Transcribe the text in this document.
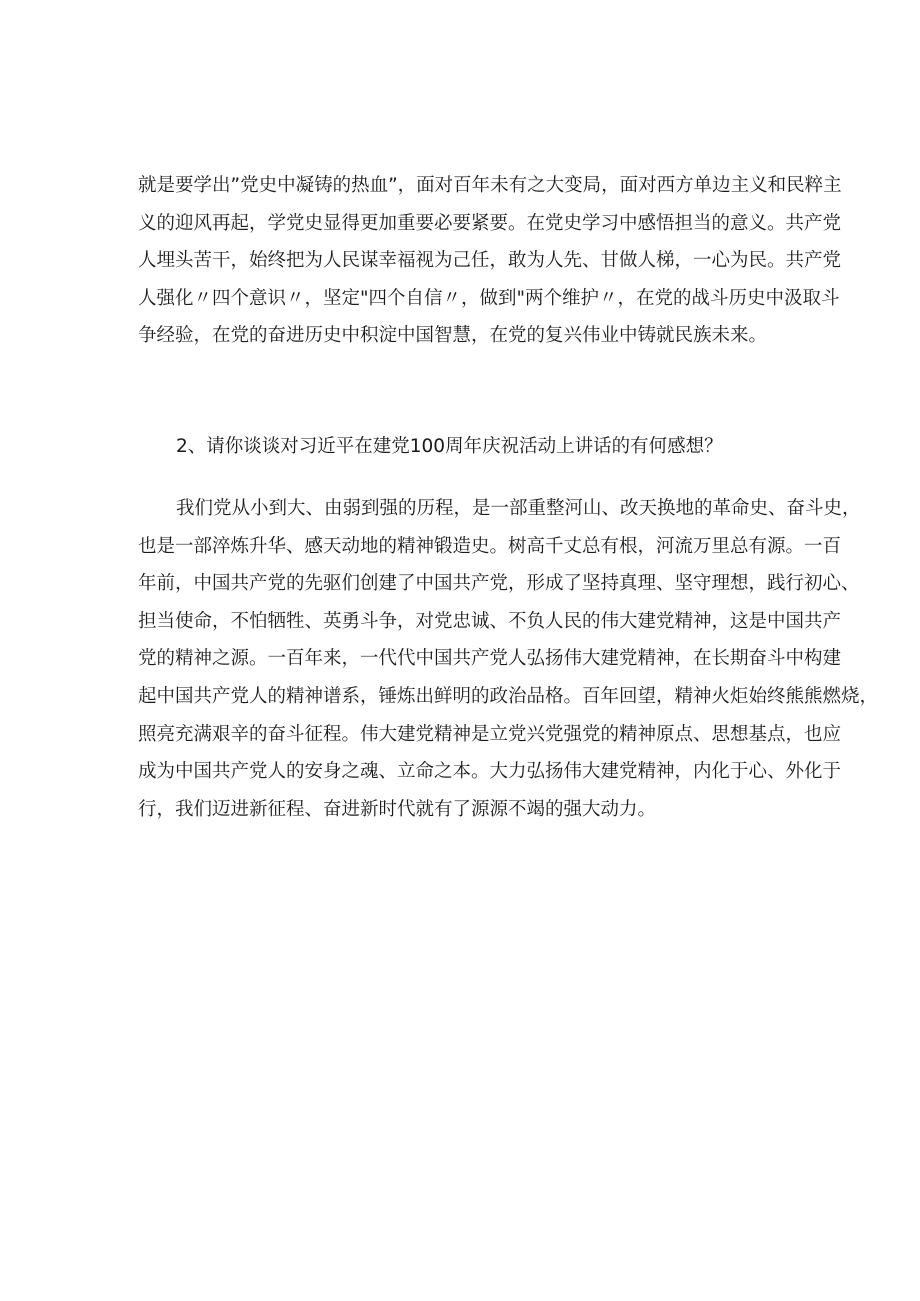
就是要学出”党史中凝铸的热血”，面对百年未有之大变局，面对西方单边主义和民粹主
义的迎风再起，学党史显得更加重要必要紧要。在党史学习中感悟担当的意义。共产党
人埋头苦干，始终把为人民谋幸福视为己任，敢为人先、甘做人梯，一心为民。共产党
人强化〃四个意识〃，坚定"四个自信〃，做到"两个维护〃，在党的战斗历史中汲取斗
争经验，在党的奋进历史中积淀中国智慧，在党的复兴伟业中铸就民族未来。
2、请你谈谈对习近平在建党100周年庆祝活动上讲话的有何感想？
我们党从小到大、由弱到强的历程，是一部重整河山、改天换地的革命史、奋斗史，
也是一部淬炼升华、感天动地的精神锻造史。树高千丈总有根，河流万里总有源。一百
年前，中国共产党的先驱们创建了中国共产党，形成了坚持真理、坚守理想，践行初心、
担当使命，不怕牺牲、英勇斗争，对党忠诚、不负人民的伟大建党精神，这是中国共产
党的精神之源。一百年来，一代代中国共产党人弘扬伟大建党精神，在长期奋斗中构建
起中国共产党人的精神谱系，锤炼出鲜明的政治品格。百年回望，精神火炬始终熊熊燃烧，
照亮充满艰辛的奋斗征程。伟大建党精神是立党兴党强党的精神原点、思想基点，也应
成为中国共产党人的安身之魂、立命之本。大力弘扬伟大建党精神，内化于心、外化于
行，我们迈进新征程、奋进新时代就有了源源不竭的强大动力。
